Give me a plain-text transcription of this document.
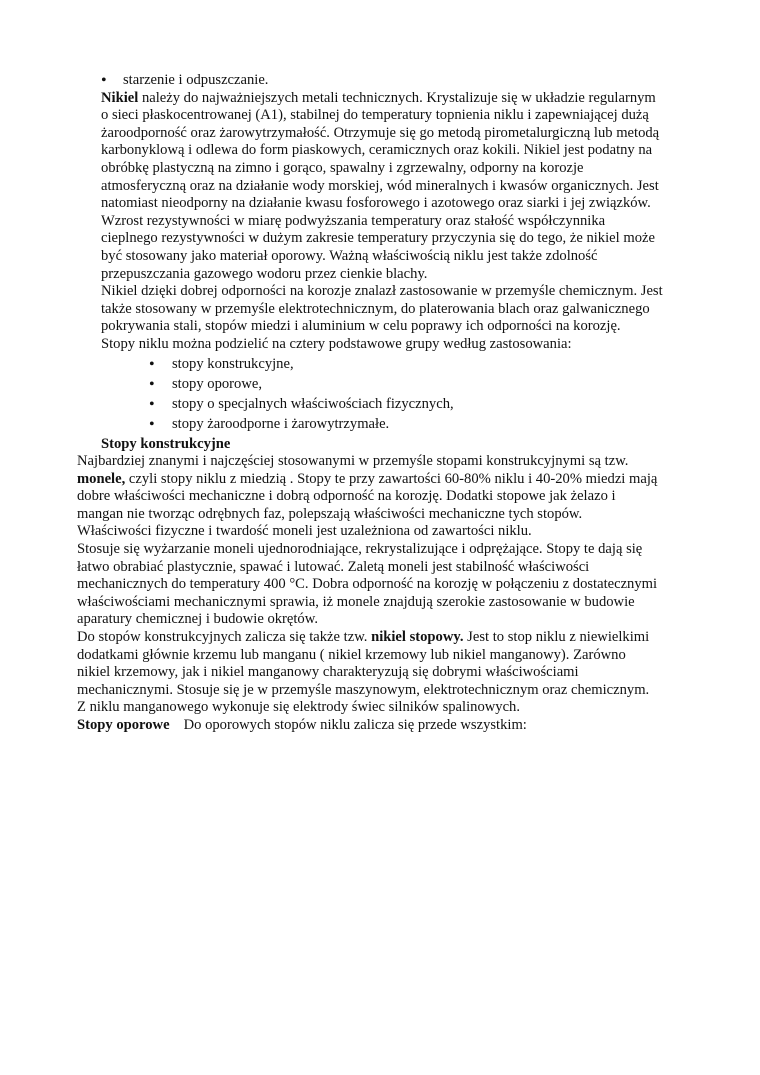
• starzenie i odpuszczanie.
Nikiel należy do najważniejszych metali technicznych. Krystalizuje się w układzie regularnym
o sieci płaskocentrowanej (A1), stabilnej do temperatury topnienia niklu i zapewniającej dużą
żaroodporność oraz żarowytrzymałość. Otrzymuje się go metodą pirometalurgiczną lub metodą
karbonyklową i odlewa do form piaskowych, ceramicznych oraz kokili. Nikiel jest podatny na
obróbkę plastyczną na zimno i gorąco, spawalny i zgrzewalny, odporny na korozje
atmosferyczną oraz na działanie wody morskiej, wód mineralnych i kwasów organicznych. Jest
natomiast nieodporny na działanie kwasu fosforowego i azotowego oraz siarki i jej związków.
Wzrost rezystywności w miarę podwyższania temperatury oraz stałość współczynnika
cieplnego rezystywności w dużym zakresie temperatury przyczynia się do tego, że nikiel może
być stosowany jako materiał oporowy. Ważną właściwością niklu jest także zdolność
przepuszczania gazowego wodoru przez cienkie blachy.
Nikiel dzięki dobrej odporności na korozje znalazł zastosowanie w przemyśle chemicznym. Jest
także stosowany w przemyśle elektrotechnicznym, do platerowania blach oraz galwanicznego
pokrywania stali, stopów miedzi i aluminium w celu poprawy ich odporności na korozję.
Stopy niklu można podzielić na cztery podstawowe grupy według zastosowania:
• stopy konstrukcyjne,
• stopy oporowe,
• stopy o specjalnych właściwościach fizycznych,
• stopy żaroodporne i żarowytrzymałe.
Stopy konstrukcyjne
Najbardziej znanymi i najczęściej stosowanymi w przemyśle stopami konstrukcyjnymi są tzw.
monele, czyli stopy niklu z miedzią . Stopy te przy zawartości 60-80% niklu i 40-20% miedzi mają
dobre właściwości mechaniczne i dobrą odporność na korozję. Dodatki stopowe jak żelazo i
mangan nie tworząc odrębnych faz, polepszają właściwości mechaniczne tych stopów.
Właściwości fizyczne i twardość moneli jest uzależniona od zawartości niklu.
Stosuje się wyżarzanie moneli ujednorodniające, rekrystalizujące i odprężające. Stopy te dają się
łatwo obrabiać plastycznie, spawać i lutować. Zaletą moneli jest stabilność właściwości
mechanicznych do temperatury 400 °C. Dobra odporność na korozję w połączeniu z dostatecznymi
właściwościami mechanicznymi sprawia, iż monele znajdują szerokie zastosowanie w budowie
aparatury chemicznej i budowie okrętów.
Do stopów konstrukcyjnych zalicza się także tzw. nikiel stopowy. Jest to stop niklu z niewielkimi
dodatkami głównie krzemu lub manganu ( nikiel krzemowy lub nikiel manganowy). Zarówno
nikiel krzemowy, jak i nikiel manganowy charakteryzują się dobrymi właściwościami
mechanicznymi. Stosuje się je w przemyśle maszynowym, elektrotechnicznym oraz chemicznym.
Z niklu manganowego wykonuje się elektrody świec silników spalinowych.
Stopy oporowe Do oporowych stopów niklu zalicza się przede wszystkim:
